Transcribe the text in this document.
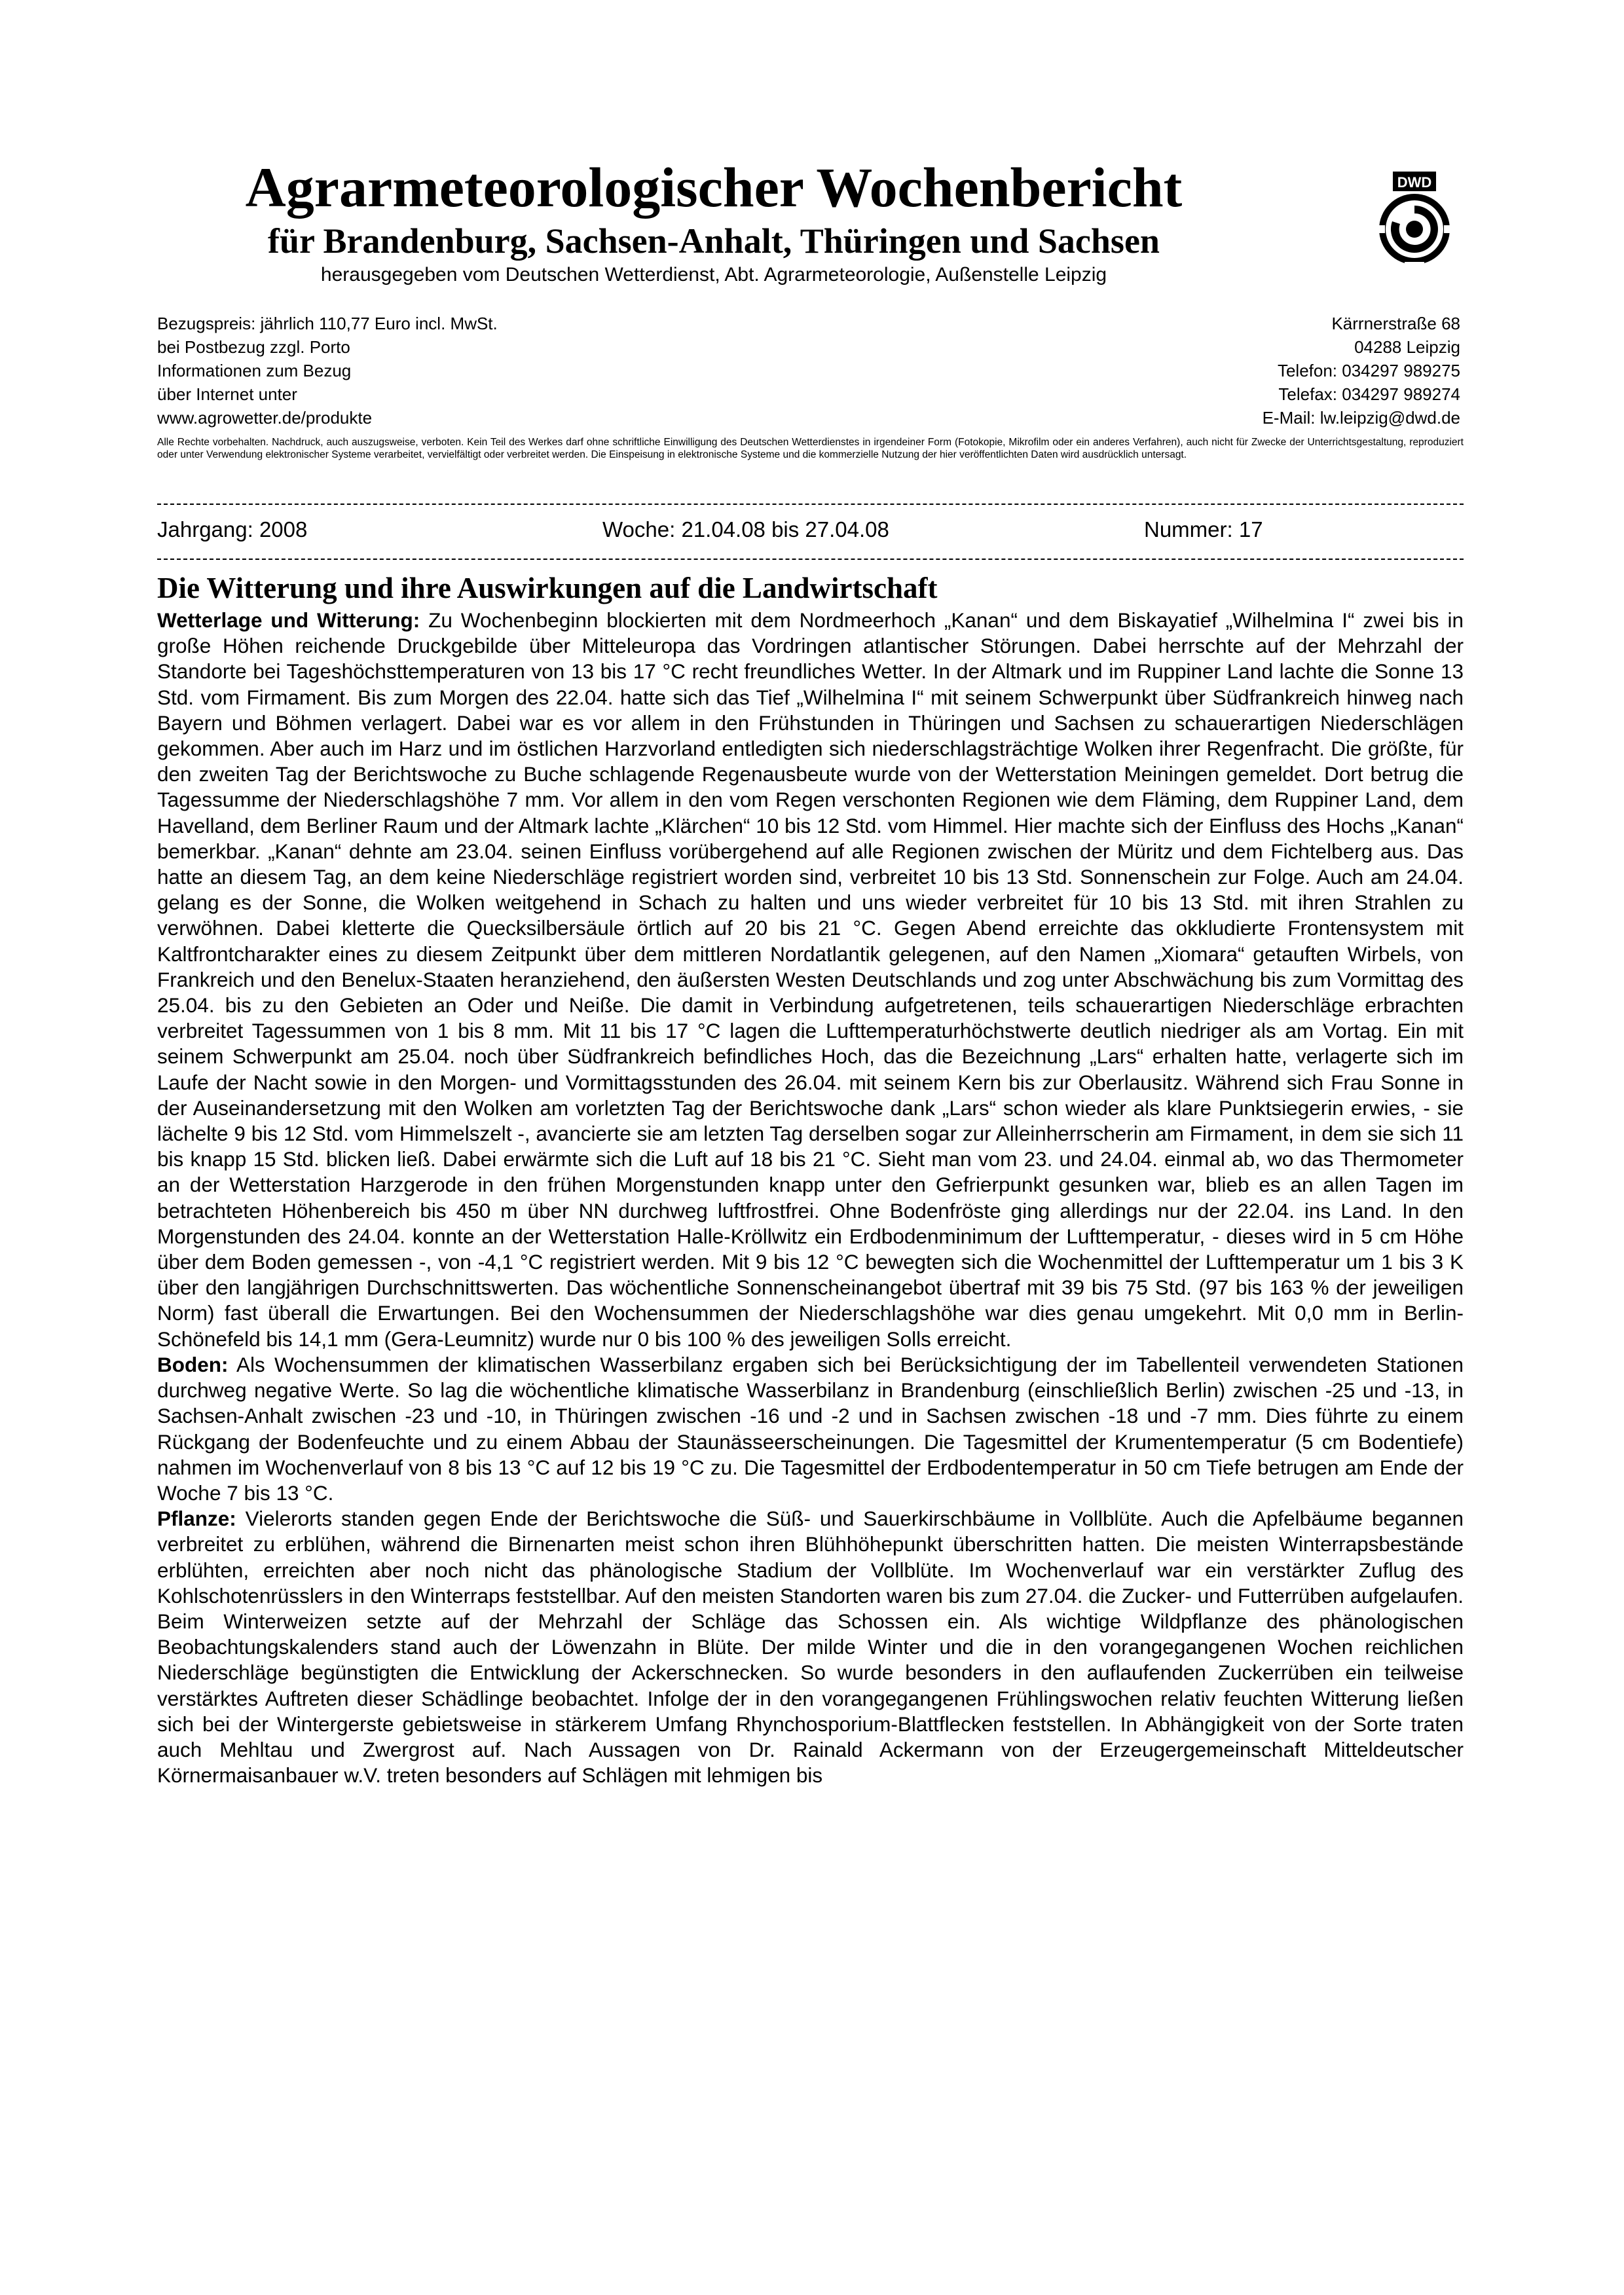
Agrarmeteorologischer Wochenbericht
für Brandenburg, Sachsen-Anhalt, Thüringen und Sachsen
herausgegeben vom Deutschen Wetterdienst, Abt. Agrarmeteorologie, Außenstelle Leipzig
DWD
Bezugspreis: jährlich 110,77 Euro incl. MwSt.
bei Postbezug zzgl. Porto
Informationen zum Bezug
über Internet unter
www.agrowetter.de/produkte
Kärrnerstraße 68
04288 Leipzig
Telefon: 034297 989275
Telefax: 034297 989274
E-Mail: lw.leipzig@dwd.de
Alle Rechte vorbehalten. Nachdruck, auch auszugsweise, verboten. Kein Teil des Werkes darf ohne schriftliche Einwilligung des Deutschen Wetterdienstes in irgendeiner Form (Fotokopie, Mikrofilm oder ein anderes Verfahren), auch nicht für Zwecke der Unterrichtsgestaltung, reproduziert oder unter Verwendung elektronischer Systeme verarbeitet, vervielfältigt oder verbreitet werden. Die Einspeisung in elektronische Systeme und die kommerzielle Nutzung der hier veröffentlichten Daten wird ausdrücklich untersagt.
Jahrgang: 2008	Woche: 21.04.08 bis 27.04.08	Nummer: 17
Die Witterung und ihre Auswirkungen auf die Landwirtschaft

Wetterlage und Witterung: Zu Wochenbeginn blockierten mit dem Nordmeerhoch „Kanan“ und dem Biskayatief „Wilhelmina I“ zwei bis in große Höhen reichende Druckgebilde über Mitteleuropa das Vordringen atlantischer Störungen. Dabei herrschte auf der Mehrzahl der Standorte bei Tageshöchsttemperaturen von 13 bis 17 °C recht freundliches Wetter. In der Altmark und im Ruppiner Land lachte die Sonne 13 Std. vom Firmament. Bis zum Morgen des 22.04. hatte sich das Tief „Wilhelmina I“ mit seinem Schwerpunkt über Südfrankreich hinweg nach Bayern und Böhmen verlagert. Dabei war es vor allem in den Frühstunden in Thüringen und Sachsen zu schauerartigen Niederschlägen gekommen. Aber auch im Harz und im östlichen Harzvorland entledigten sich niederschlagsträchtige Wolken ihrer Regenfracht. Die größte, für den zweiten Tag der Berichtswoche zu Buche schlagende Regenausbeute wurde von der Wetterstation Meiningen gemeldet. Dort betrug die Tagessumme der Niederschlagshöhe 7 mm. Vor allem in den vom Regen verschonten Regionen wie dem Fläming, dem Ruppiner Land, dem Havelland, dem Berliner Raum und der Altmark lachte „Klärchen“ 10 bis 12 Std. vom Himmel. Hier machte sich der Einfluss des Hochs „Kanan“ bemerkbar. „Kanan“ dehnte am 23.04. seinen Einfluss vorübergehend auf alle Regionen zwischen der Müritz und dem Fichtelberg aus. Das hatte an diesem Tag, an dem keine Niederschläge registriert worden sind, verbreitet 10 bis 13 Std. Sonnenschein zur Folge. Auch am 24.04. gelang es der Sonne, die Wolken weitgehend in Schach zu halten und uns wieder verbreitet für 10 bis 13 Std. mit ihren Strahlen zu verwöhnen. Dabei kletterte die Quecksilbersäule örtlich auf 20 bis 21 °C. Gegen Abend erreichte das okkludierte Frontensystem mit Kaltfrontcharakter eines zu diesem Zeitpunkt über dem mittleren Nordatlantik gelegenen, auf den Namen „Xiomara“ getauften Wirbels, von Frankreich und den Benelux-Staaten heranziehend, den äußersten Westen Deutschlands und zog unter Abschwächung bis zum Vormittag des 25.04. bis zu den Gebieten an Oder und Neiße. Die damit in Verbindung aufgetretenen, teils schauerartigen Niederschläge erbrachten verbreitet Tagessummen von 1 bis 8 mm. Mit 11 bis 17 °C lagen die Lufttemperaturhöchstwerte deutlich niedriger als am Vortag. Ein mit seinem Schwerpunkt am 25.04. noch über Südfrankreich befindliches Hoch, das die Bezeichnung „Lars“ erhalten hatte, verlagerte sich im Laufe der Nacht sowie in den Morgen- und Vormittagsstunden des 26.04. mit seinem Kern bis zur Oberlausitz. Während sich Frau Sonne in der Auseinandersetzung mit den Wolken am vorletzten Tag der Berichtswoche dank „Lars“ schon wieder als klare Punktsiegerin erwies, - sie lächelte 9 bis 12 Std. vom Himmelszelt -, avancierte sie am letzten Tag derselben sogar zur Alleinherrscherin am Firmament, in dem sie sich 11 bis knapp 15 Std. blicken ließ. Dabei erwärmte sich die Luft auf 18 bis 21 °C. Sieht man vom 23. und 24.04. einmal ab, wo das Thermometer an der Wetterstation Harzgerode in den frühen Morgenstunden knapp unter den Gefrierpunkt gesunken war, blieb es an allen Tagen im betrachteten Höhenbereich bis 450 m über NN durchweg luftfrostfrei. Ohne Bodenfröste ging allerdings nur der 22.04. ins Land. In den Morgenstunden des 24.04. konnte an der Wetterstation Halle-Kröllwitz ein Erdbodenminimum der Lufttemperatur, - dieses wird in 5 cm Höhe über dem Boden gemessen -, von -4,1 °C registriert werden. Mit 9 bis 12 °C bewegten sich die Wochenmittel der Lufttemperatur um 1 bis 3 K über den langjährigen Durchschnittswerten. Das wöchentliche Sonnenscheinangebot übertraf mit 39 bis 75 Std. (97 bis 163 % der jeweiligen Norm) fast überall die Erwartungen. Bei den Wochensummen der Niederschlagshöhe war dies genau umgekehrt. Mit 0,0 mm in Berlin-Schönefeld bis 14,1 mm (Gera-Leumnitz) wurde nur 0 bis 100 % des jeweiligen Solls erreicht.

Boden: Als Wochensummen der klimatischen Wasserbilanz ergaben sich bei Berücksichtigung der im Tabellenteil verwendeten Stationen durchweg negative Werte. So lag die wöchentliche klimatische Wasserbilanz in Brandenburg (einschließlich Berlin) zwischen -25 und -13, in Sachsen-Anhalt zwischen -23 und -10, in Thüringen zwischen -16 und -2 und in Sachsen zwischen -18 und -7 mm. Dies führte zu einem Rückgang der Bodenfeuchte und zu einem Abbau der Staunässeerscheinungen. Die Tagesmittel der Krumentemperatur (5 cm Bodentiefe) nahmen im Wochenverlauf von 8 bis 13 °C auf 12 bis 19 °C zu. Die Tagesmittel der Erdbodentemperatur in 50 cm Tiefe betrugen am Ende der Woche 7 bis 13 °C.

Pflanze: Vielerorts standen gegen Ende der Berichtswoche die Süß- und Sauerkirschbäume in Vollblüte. Auch die Apfelbäume begannen verbreitet zu erblühen, während die Birnenarten meist schon ihren Blühhöhepunkt überschritten hatten. Die meisten Winterrapsbestände erblühten, erreichten aber noch nicht das phänologische Stadium der Vollblüte. Im Wochenverlauf war ein verstärkter Zuflug des Kohlschotenrüsslers in den Winterraps feststellbar. Auf den meisten Standorten waren bis zum 27.04. die Zucker- und Futterrüben aufgelaufen. Beim Winterweizen setzte auf der Mehrzahl der Schläge das Schossen ein. Als wichtige Wildpflanze des phänologischen Beobachtungskalenders stand auch der Löwenzahn in Blüte. Der milde Winter und die in den vorangegangenen Wochen reichlichen Niederschläge begünstigten die Entwicklung der Ackerschnecken. So wurde besonders in den auflaufenden Zuckerrüben ein teilweise verstärktes Auftreten dieser Schädlinge beobachtet. Infolge der in den vorangegangenen Frühlingswochen relativ feuchten Witterung ließen sich bei der Wintergerste gebietsweise in stärkerem Umfang Rhynchosporium-Blattflecken feststellen. In Abhängigkeit von der Sorte traten auch Mehltau und Zwergrost auf. Nach Aussagen von Dr. Rainald Ackermann von der Erzeugergemeinschaft Mitteldeutscher Körnermaisanbauer w.V. treten besonders auf Schlägen mit lehmigen bis
